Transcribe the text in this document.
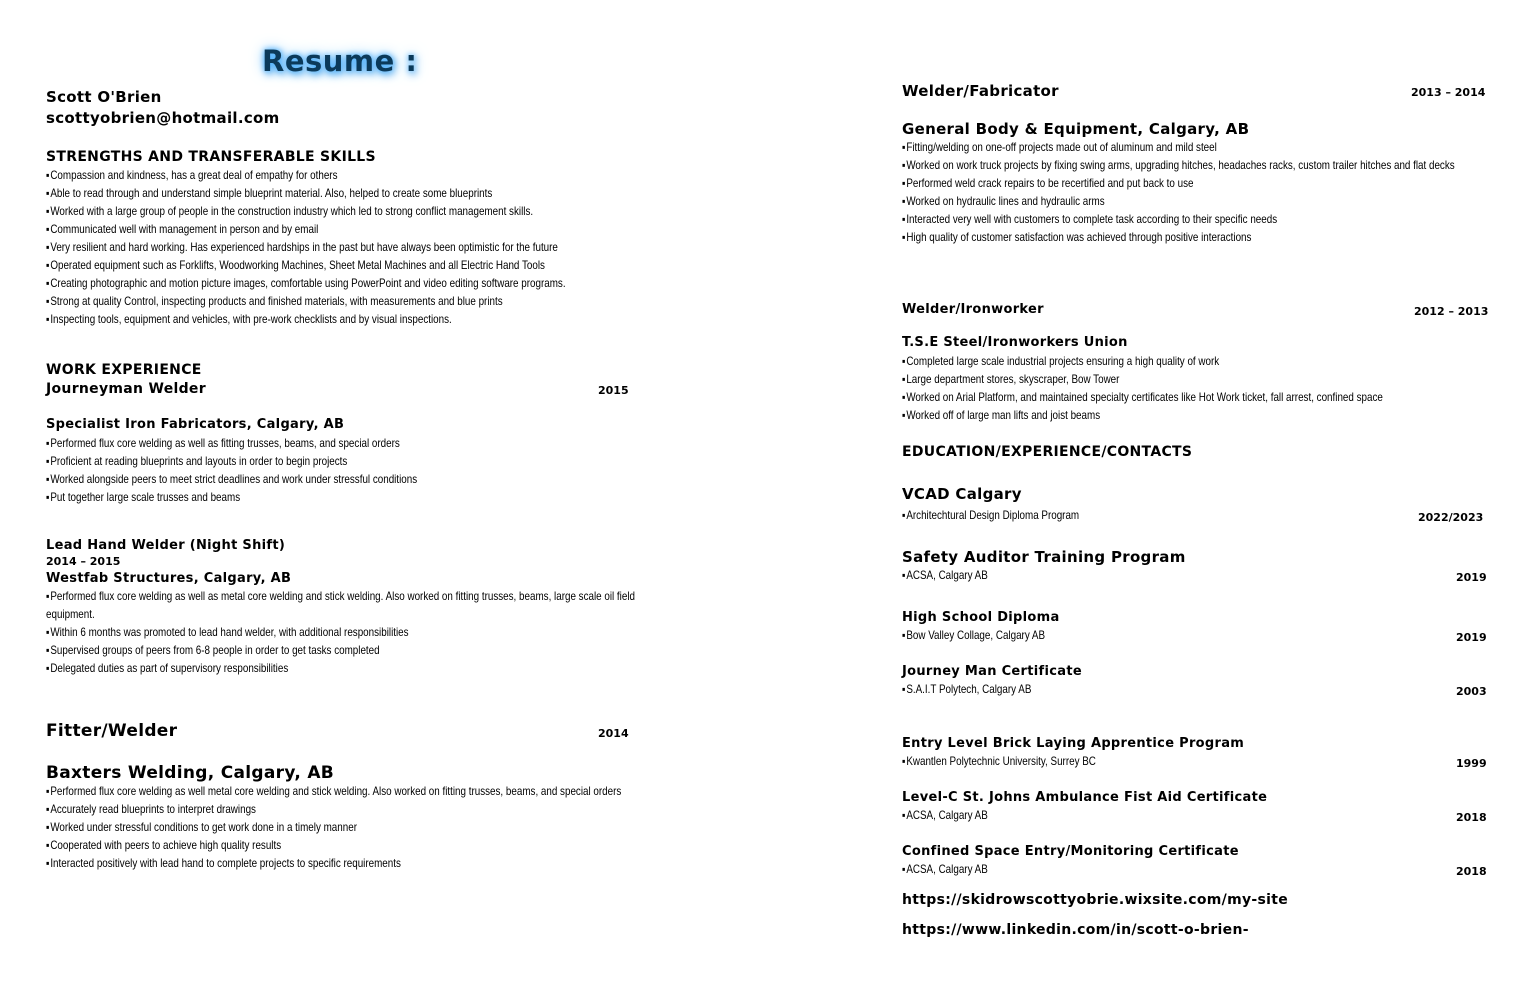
Resume :
Scott O'Brien
scottyobrien@hotmail.com
STRENGTHS AND TRANSFERABLE SKILLS
▪ Compassion and kindness, has a great deal of empathy for others
▪ Able to read through and understand simple blueprint material. Also, helped to create some blueprints
▪ Worked with a large group of people in the construction industry which led to strong conflict management skills.
▪ Communicated well with management in person and by email
▪ Very resilient and hard working. Has experienced hardships in the past but have always been optimistic for the future
▪ Operated equipment such as Forklifts, Woodworking Machines, Sheet Metal Machines and all Electric Hand Tools
▪ Creating photographic and motion picture images, comfortable using PowerPoint and video editing software programs.
▪ Strong at quality Control, inspecting products and finished materials, with measurements and blue prints
▪ Inspecting tools, equipment and vehicles, with pre-work checklists and by visual inspections.
WORK EXPERIENCE
Journeyman Welder	2015
Specialist Iron Fabricators, Calgary, AB
▪ Performed flux core welding as well as fitting trusses, beams, and special orders
▪ Proficient at reading blueprints and layouts in order to begin projects
▪ Worked alongside peers to meet strict deadlines and work under stressful conditions
▪ Put together large scale trusses and beams
Lead Hand Welder (Night Shift)
2014 – 2015
Westfab Structures, Calgary, AB
▪ Performed flux core welding as well as metal core welding and stick welding. Also worked on fitting trusses, beams, large scale oil field equipment.
▪ Within 6 months was promoted to lead hand welder, with additional responsibilities
▪ Supervised groups of peers from 6-8 people in order to get tasks completed
▪ Delegated duties as part of supervisory responsibilities
Fitter/Welder	2014
Baxters Welding, Calgary, AB
▪ Performed flux core welding as well metal core welding and stick welding. Also worked on fitting trusses, beams, and special orders
▪ Accurately read blueprints to interpret drawings
▪ Worked under stressful conditions to get work done in a timely manner
▪ Cooperated with peers to achieve high quality results
▪ Interacted positively with lead hand to complete projects to specific requirements
Welder/Fabricator	2013 – 2014
General Body & Equipment, Calgary, AB
▪ Fitting/welding on one-off projects made out of aluminum and mild steel
▪ Worked on work truck projects by fixing swing arms, upgrading hitches, headaches racks, custom trailer hitches and flat decks
▪ Performed weld crack repairs to be recertified and put back to use
▪ Worked on hydraulic lines and hydraulic arms
▪ Interacted very well with customers to complete task according to their specific needs
▪ High quality of customer satisfaction was achieved through positive interactions
Welder/Ironworker	2012 – 2013
T.S.E Steel/Ironworkers Union
▪ Completed large scale industrial projects ensuring a high quality of work
▪ Large department stores, skyscraper, Bow Tower
▪ Worked on Arial Platform, and maintained specialty certificates like Hot Work ticket, fall arrest, confined space
▪ Worked off of large man lifts and joist beams
EDUCATION/EXPERIENCE/CONTACTS
VCAD Calgary
▪ Architechtural Design Diploma Program	2022/2023
Safety Auditor Training Program
▪ ACSA, Calgary AB	2019
High School Diploma
▪ Bow Valley Collage, Calgary AB	2019
Journey Man Certificate
▪ S.A.I.T Polytech, Calgary AB	2003
Entry Level Brick Laying Apprentice Program
▪ Kwantlen Polytechnic University, Surrey BC	1999
Level-C St. Johns Ambulance Fist Aid Certificate
▪ ACSA, Calgary AB	2018
Confined Space Entry/Monitoring Certificate
▪ ACSA, Calgary AB	2018
https://skidrowscottyobrie.wixsite.com/my-site
https://www.linkedin.com/in/scott-o-brien-
